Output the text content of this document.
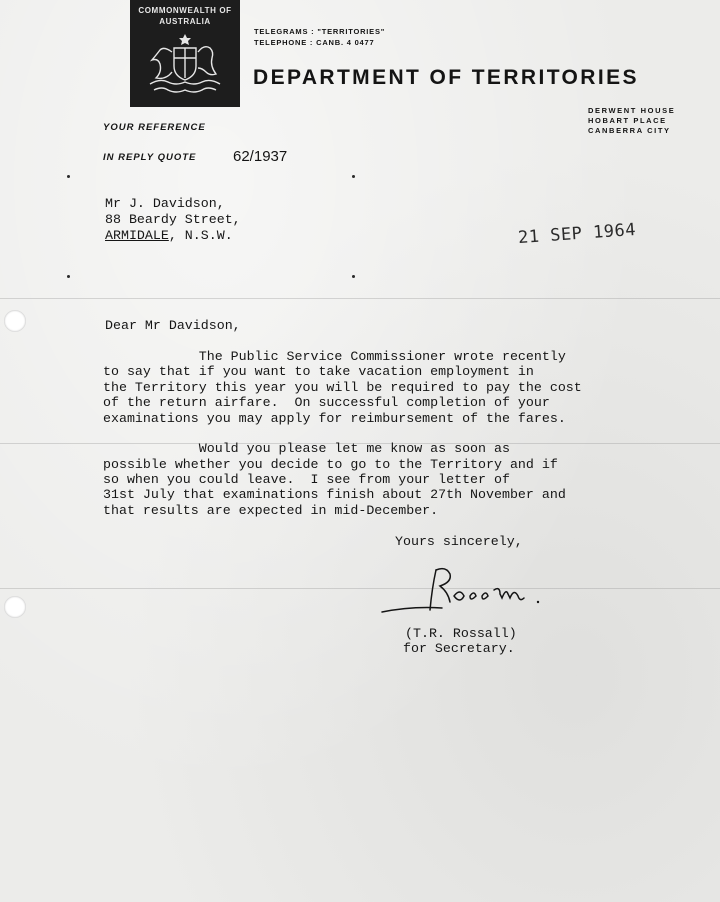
COMMONWEALTH OF
AUSTRALIA
TELEGRAMS : "TERRITORIES"
TELEPHONE : CANB. 4 0477
DEPARTMENT OF TERRITORIES
DERWENT HOUSE
HOBART PLACE
CANBERRA CITY
YOUR REFERENCE
IN REPLY QUOTE 62/1937
Mr J. Davidson,
88 Beardy Street,
ARMIDALE, N.S.W.	21 SEP 1964
Dear Mr Davidson,
The Public Service Commissioner wrote recently
to say that if you want to take vacation employment in
the Territory this year you will be required to pay the cost
of the return airfare.  On successful completion of your
examinations you may apply for reimbursement of the fares.
Would you please let me know as soon as
possible whether you decide to go to the Territory and if
so when you could leave.  I see from your letter of
31st July that examinations finish about 27th November and
that results are expected in mid-December.
Yours sincerely,
(T.R. Rossall)
for Secretary.
